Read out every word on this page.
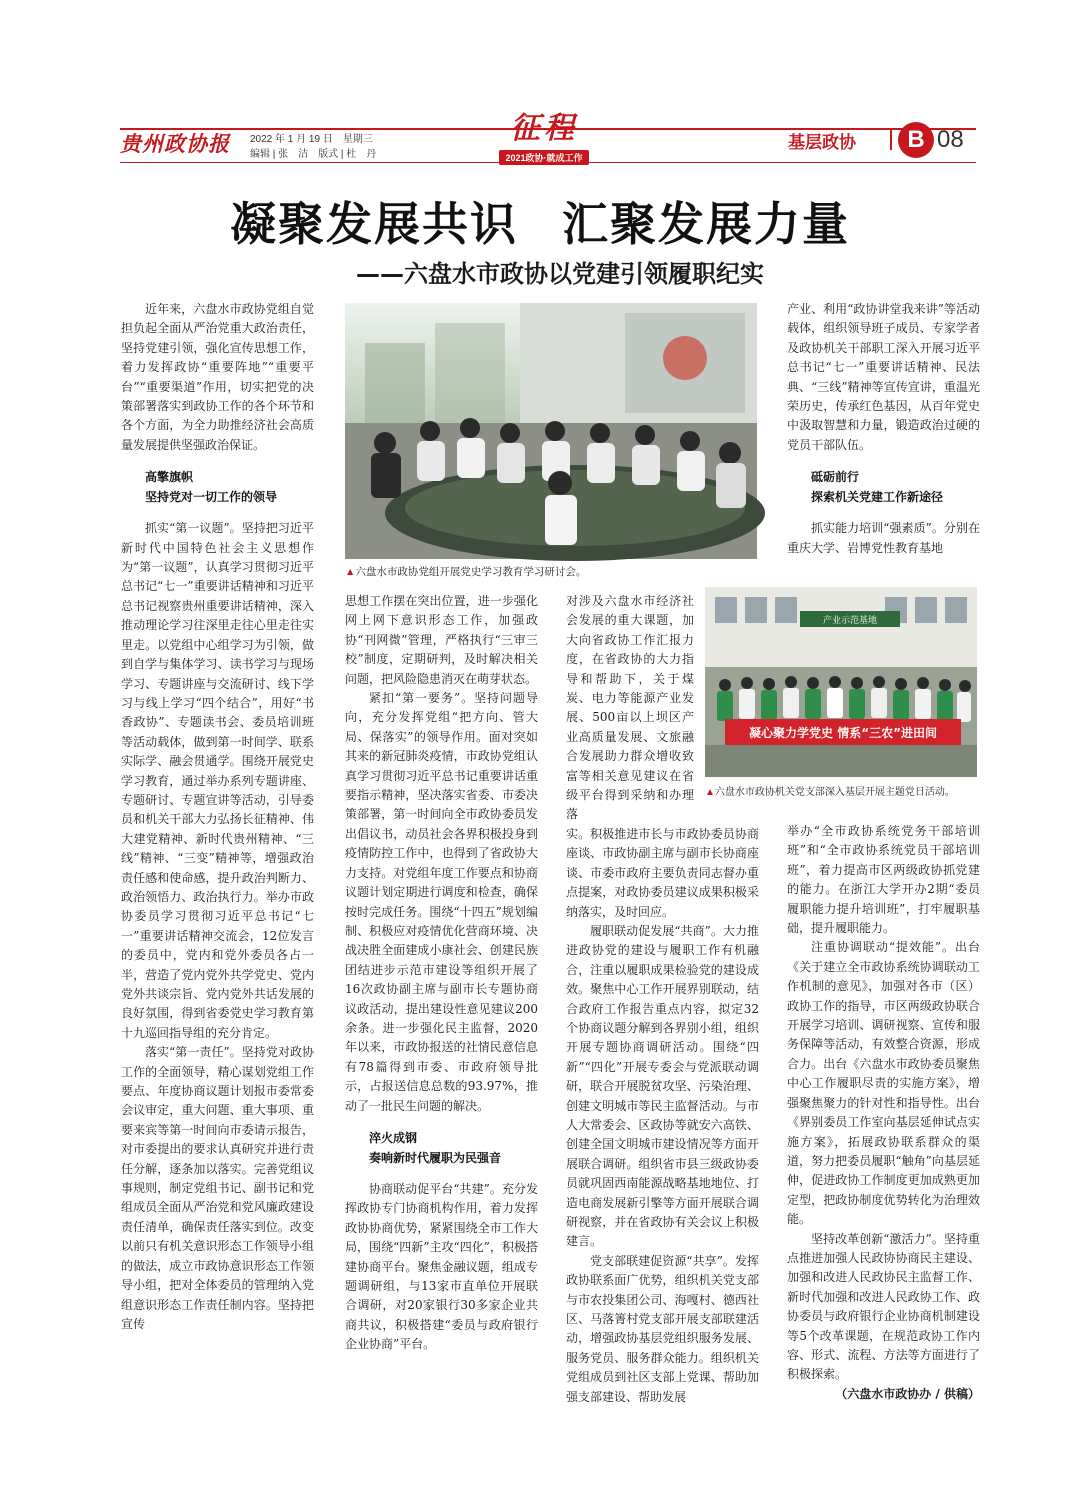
贵州政协报 2022 年 1 月 19 日　星期三
编辑 | 张　洁　版式 | 杜　丹
征程
2021政协·就成工作
基层政协	B 08
凝聚发展共识 汇聚发展力量
——六盘水市政协以党建引领履职纪实
▲六盘水市政协党组开展党史学习教育学习研讨会。
产业示范基地
凝心聚力学党史 情系“三农”进田间
▲六盘水市政协机关党支部深入基层开展主题党日活动。

近年来，六盘水市政协党组自觉担负起全面从严治党重大政治责任，坚持党建引领，强化宣传思想工作，着力发挥政协“重要阵地”“重要平台”“重要渠道”作用，切实把党的决策部署落实到政协工作的各个环节和各个方面，为全力助推经济社会高质量发展提供坚强政治保证。

高擎旗帜

坚持党对一切工作的领导

抓实“第一议题”。坚持把习近平新时代中国特色社会主义思想作为“第一议题”，认真学习贯彻习近平总书记“七一”重要讲话精神和习近平总书记视察贵州重要讲话精神，深入推动理论学习往深里走往心里走往实里走。以党组中心组学习为引领，做到自学与集体学习、读书学习与现场学习、专题讲座与交流研讨、线下学习与线上学习“四个结合”，用好“书香政协”、专题读书会、委员培训班等活动载体，做到第一时间学、联系实际学、融会贯通学。围绕开展党史学习教育，通过举办系列专题讲座、专题研讨、专题宣讲等活动，引导委员和机关干部大力弘扬长征精神、伟大建党精神、新时代贵州精神、“三线”精神、“三变”精神等，增强政治责任感和使命感，提升政治判断力、政治领悟力、政治执行力。举办市政协委员学习贯彻习近平总书记“七一”重要讲话精神交流会，12位发言的委员中，党内和党外委员各占一半，营造了党内党外共学党史、党内党外共谈宗旨、党内党外共话发展的良好氛围，得到省委党史学习教育第十九巡回指导组的充分肯定。

落实“第一责任”。坚持党对政协工作的全面领导，精心谋划党组工作要点、年度协商议题计划报市委常委会议审定，重大问题、重大事项、重要来宾等第一时间向市委请示报告，对市委提出的要求认真研究并进行责任分解，逐条加以落实。完善党组议事规则，制定党组书记、副书记和党组成员全面从严治党和党风廉政建设责任清单，确保责任落实到位。改变以前只有机关意识形态工作领导小组的做法，成立市政协意识形态工作领导小组，把对全体委员的管理纳入党组意识形态工作责任制内容。坚持把宣传

思想工作摆在突出位置，进一步强化网上网下意识形态工作，加强政协“刊网微”管理，严格执行“三审三校”制度，定期研判，及时解决相关问题，把风险隐患消灭在萌芽状态。

紧扣“第一要务”。坚持问题导向，充分发挥党组“把方向、管大局、保落实”的领导作用。面对突如其来的新冠肺炎疫情，市政协党组认真学习贯彻习近平总书记重要讲话重要指示精神，坚决落实省委、市委决策部署，第一时间向全市政协委员发出倡议书，动员社会各界积极投身到疫情防控工作中，也得到了省政协大力支持。对党组年度工作要点和协商议题计划定期进行调度和检查，确保按时完成任务。围绕“十四五”规划编制、积极应对疫情优化营商环境、决战决胜全面建成小康社会、创建民族团结进步示范市建设等组织开展了16次政协副主席与副市长专题协商议政活动，提出建设性意见建议200余条。进一步强化民主监督，2020年以来，市政协报送的社情民意信息有78篇得到市委、市政府领导批示，占报送信息总数的93.97%，推动了一批民生问题的解决。

淬火成钢

奏响新时代履职为民强音

协商联动促平台“共建”。充分发挥政协专门协商机构作用，着力发挥政协协商优势，紧紧围绕全市工作大局，围绕“四新”主攻“四化”，积极搭建协商平台。聚焦金融议题，组成专题调研组，与13家市直单位开展联合调研，对20家银行30多家企业共商共议，积极搭建“委员与政府银行企业协商”平台。

对涉及六盘水市经济社会发展的重大课题，加大向省政协工作汇报力度，在省政协的大力指导和帮助下，关于煤炭、电力等能源产业发展、500亩以上坝区产业高质量发展、文旅融合发展助力群众增收致富等相关意见建议在省级平台得到采纳和办理落

实。积极推进市长与市政协委员协商座谈、市政协副主席与副市长协商座谈、市委市政府主要负责同志督办重点提案，对政协委员建议成果积极采纳落实，及时回应。

履职联动促发展“共商”。大力推进政协党的建设与履职工作有机融合，注重以履职成果检验党的建设成效。聚焦中心工作开展界别联动，结合政府工作报告重点内容，拟定32个协商议题分解到各界别小组，组织开展专题协商调研活动。围绕“四新”“四化”开展专委会与党派联动调研，联合开展脱贫攻坚、污染治理、创建文明城市等民主监督活动。与市人大常委会、区政协等就安六高铁、创建全国文明城市建设情况等方面开展联合调研。组织省市县三级政协委员就巩固西南能源战略基地地位、打造电商发展新引擎等方面开展联合调研视察，并在省政协有关会议上积极建言。

党支部联建促资源“共享”。发挥政协联系面广优势，组织机关党支部与市农投集团公司、海嘎村、德西社区、马落箐村党支部开展支部联建活动，增强政协基层党组织服务发展、服务党员、服务群众能力。组织机关党组成员到社区支部上党课、帮助加强支部建设、帮助发展

产业、利用“政协讲堂我来讲”等活动载体，组织领导班子成员、专家学者及政协机关干部职工深入开展习近平总书记“七一”重要讲话精神、民法典、“三线”精神等宣传宣讲，重温光荣历史，传承红色基因，从百年党史中汲取智慧和力量，锻造政治过硬的党员干部队伍。

砥砺前行

探索机关党建工作新途径

抓实能力培训“强素质”。分别在重庆大学、岩博党性教育基地

举办“全市政协系统党务干部培训班”和“全市政协系统党员干部培训班”，着力提高市区两级政协抓党建的能力。在浙江大学开办2期“委员履职能力提升培训班”，打牢履职基础，提升履职能力。

注重协调联动“提效能”。出台《关于建立全市政协系统协调联动工作机制的意见》，加强对各市（区）政协工作的指导，市区两级政协联合开展学习培训、调研视察、宣传和服务保障等活动，有效整合资源，形成合力。出台《六盘水市政协委员聚焦中心工作履职尽责的实施方案》，增强聚焦聚力的针对性和指导性。出台《界别委员工作室向基层延伸试点实施方案》，拓展政协联系群众的渠道，努力把委员履职“触角”向基层延伸，促进政协工作制度更加成熟更加定型，把政协制度优势转化为治理效能。

坚持改革创新“激活力”。坚持重点推进加强人民政协协商民主建设、加强和改进人民政协民主监督工作、新时代加强和改进人民政协工作、政协委员与政府银行企业协商机制建设等5个改革课题，在规范政协工作内容、形式、流程、方法等方面进行了积极探索。

（六盘水市政协办 / 供稿）
